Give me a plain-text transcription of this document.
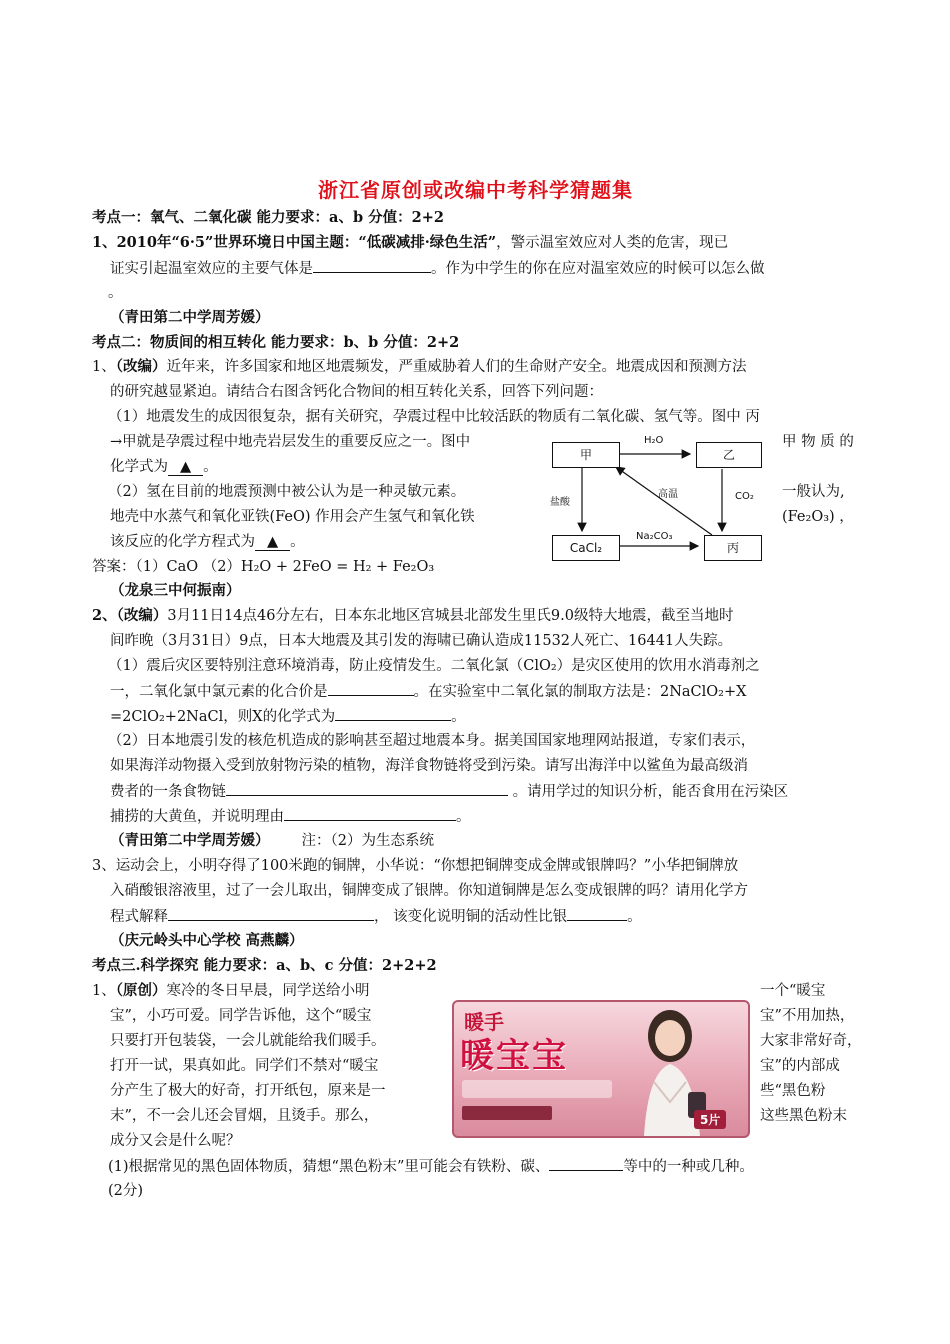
浙江省原创或改编中考科学猜题集
考点一：氧气、二氧化碳 能力要求：a、b 分值：2+2
1、2010年“6·5”世界环境日中国主题：“低碳减排·绿色生活”，警示温室效应对人类的危害，现已
证实引起温室效应的主要气体是	。作为中学生的你在应对温室效应的时候可以怎么做
。
（青田第二中学周芳媛）
考点二：物质间的相互转化 能力要求：b、b 分值：2+2
1、（改编）近年来，许多国家和地区地震频发，严重威胁着人们的生命财产安全。地震成因和预测方法
的研究越显紧迫。请结合右图含钙化合物间的相互转化关系，回答下列问题：
（1）地震发生的成因很复杂，据有关研究，孕震过程中比较活跃的物质有二氧化碳、氢气等。图中 丙
→甲就是孕震过程中地壳岩层发生的重要反应之一。图中	甲 物 质 的
化学式为 ▲ 。
（2）氢在目前的地震预测中被公认为是一种灵敏元素。	一般认为,
地壳中水蒸气和氧化亚铁(FeO) 作用会产生氢气和氧化铁	(Fe₂O₃) ，
该反应的化学方程式为 ▲ 。
答案：（1）CaO （2）H₂O + 2FeO = H₂ + Fe₂O₃
甲	乙
CaCl₂	丙
H₂O
高温	CO₂
盐酸
Na₂CO₃
（龙泉三中何振南）
2、（改编）3月11日14点46分左右，日本东北地区宫城县北部发生里氏9.0级特大地震，截至当地时
间昨晚（3月31日）9点，日本大地震及其引发的海啸已确认造成11532人死亡、16441人失踪。
（1）震后灾区要特别注意环境消毒，防止疫情发生。二氧化氯（ClO₂）是灾区使用的饮用水消毒剂之
一，二氧化氯中氯元素的化合价是	。在实验室中二氧化氯的制取方法是：2NaClO₂+X
=2ClO₂+2NaCl，则X的化学式为	。
（2）日本地震引发的核危机造成的影响甚至超过地震本身。据美国国家地理网站报道，专家们表示，
如果海洋动物摄入受到放射物污染的植物，海洋食物链将受到污染。请写出海洋中以鲨鱼为最高级消
费者的一条食物链	。请用学过的知识分析，能否食用在污染区
捕捞的大黄鱼，并说明理由	。
（青田第二中学周芳媛） 注：（2）为生态系统
3、运动会上，小明夺得了100米跑的铜牌，小华说：“你想把铜牌变成金牌或银牌吗？”小华把铜牌放
入硝酸银溶液里，过了一会儿取出，铜牌变成了银牌。你知道铜牌是怎么变成银牌的吗？请用化学方
程式解释	， 该变化说明铜的活动性比银	。
（庆元岭头中心学校 高燕麟）
考点三.科学探究 能力要求：a、b、c 分值：2+2+2
1、（原创）寒冷的冬日早晨，同学送给小明	一个“暖宝
宝”，小巧可爱。同学告诉他，这个“暖宝	宝”不用加热，
只要打开包装袋，一会儿就能给我们暖手。	大家非常好奇，
打开一试，果真如此。同学们不禁对“暖宝	宝”的内部成
分产生了极大的好奇，打开纸包，原来是一	些“黑色粉
末”，不一会儿还会冒烟，且烫手。那么，	这些黑色粉末
成分又会是什么呢？
暖手
暖宝宝
5片
(1)根据常见的黑色固体物质，猜想“黑色粉末”里可能会有铁粉、碳、	等中的一种或几种。
(2分)
